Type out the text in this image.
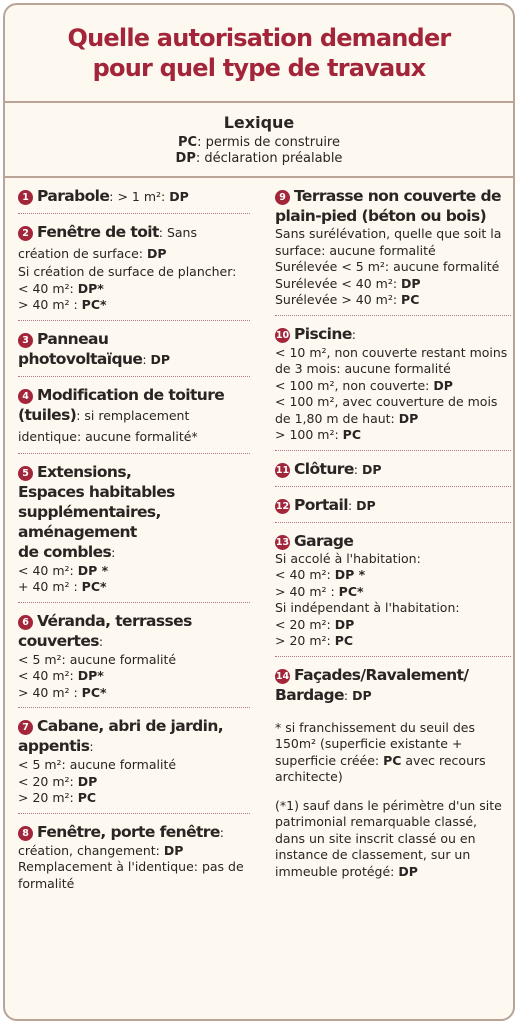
Quelle autorisation demander
pour quel type de travaux
Lexique
PC: permis de construire
DP: déclaration préalable
1 Parabole: > 1 m²: DP
2 Fenêtre de toit: Sans création de surface: DP
Si création de surface de plancher: < 40 m²: DP*
> 40 m² : PC*
3 Panneau
photovoltaïque: DP
4 Modification de toiture
(tuiles): si remplacement identique: aucune formalité*
5 Extensions,
Espaces habitables
supplémentaires,
aménagement
de combles:
< 40 m²: DP *
+ 40 m² : PC*
6 Véranda, terrasses
couvertes:
< 5 m²: aucune formalité
< 40 m²: DP*
> 40 m² : PC*
7 Cabane, abri de jardin,
appentis:
< 5 m²: aucune formalité
< 20 m²: DP
> 20 m²: PC
8 Fenêtre, porte fenêtre:
création, changement: DP
Remplacement à l'identique: pas de formalité
9 Terrasse non couverte de
plain-pied (béton ou bois)
Sans surélévation, quelle que soit la surface: aucune formalité
Surélevée < 5 m²: aucune formalité
Surélevée < 40 m²: DP
Surélevée > 40 m²: PC
10 Piscine:
< 10 m², non couverte restant moins de 3 mois: aucune formalité
< 100 m², non couverte: DP
< 100 m², avec couverture de mois de 1,80 m de haut: DP
> 100 m²: PC
11 Clôture: DP
12 Portail: DP
13 Garage
Si accolé à l'habitation:
< 40 m²: DP *
> 40 m² : PC*
Si indépendant à l'habitation:
< 20 m²: DP
> 20 m²: PC
14 Façades/Ravalement/
Bardage: DP
* si franchissement du seuil des 150m² (superficie existante + superficie créée: PC avec recours architecte)
(*1) sauf dans le périmètre d'un site patrimonial remarquable classé, dans un site inscrit classé ou en instance de classement, sur un immeuble protégé: DP
